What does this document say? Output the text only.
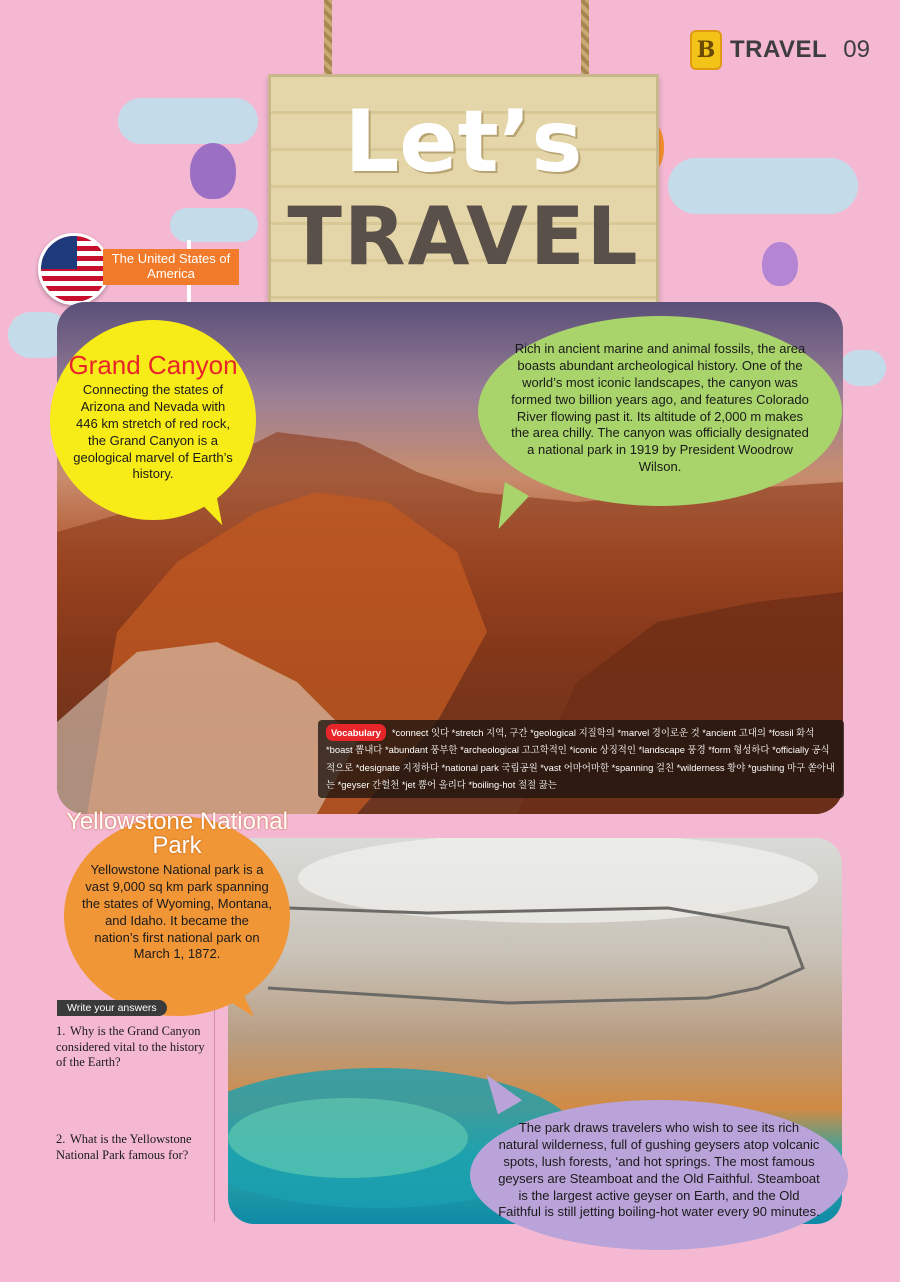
B TRAVEL 09
Let’s
TRAVEL
The United States of America
Grand Canyon
Connecting the states of Arizona and Nevada with 446 km stretch of red rock, the Grand Canyon is a geological marvel of Earth’s history.
Rich in ancient marine and animal fossils, the area boasts abundant archeological history. One of the world’s most iconic landscapes, the canyon was formed two billion years ago, and features Colorado River flowing past it. Its altitude of 2,000 m makes the area chilly. The canyon was officially designated a national park in 1919 by President Woodrow Wilson.
Vocabulary *connect 잇다 *stretch 지역, 구간 *geological 지질학의 *marvel 경이로운 것 *ancient 고대의 *fossil 화석 *boast 뽐내다 *abundant 풍부한 *archeological 고고학적인 *iconic 상징적인 *landscape 풍경 *form 형성하다 *officially 공식적으로 *designate 지정하다 *national park 국립공원 *vast 어마어마한 *spanning 걸친 *wilderness 황야 *gushing 마구 쏟아내는 *geyser 간헐천 *jet 뿜어 올리다 *boiling-hot 절절 끓는
Yellowstone National Park
Yellowstone National park is a vast 9,000 sq km park spanning the states of Wyoming, Montana, and Idaho. It became the nation’s first national park on March 1, 1872.
Write your answers
1. Why is the Grand Canyon considered vital to the history of the Earth?
2. What is the Yellowstone National Park famous for?
The park draws travelers who wish to see its rich natural wilderness, full of gushing geysers atop volcanic spots, lush forests, ‘and hot springs. The most famous geysers are Steamboat and the Old Faithful. Steamboat is the largest active geyser on Earth, and the Old Faithful is still jetting boiling-hot water every 90 minutes.
